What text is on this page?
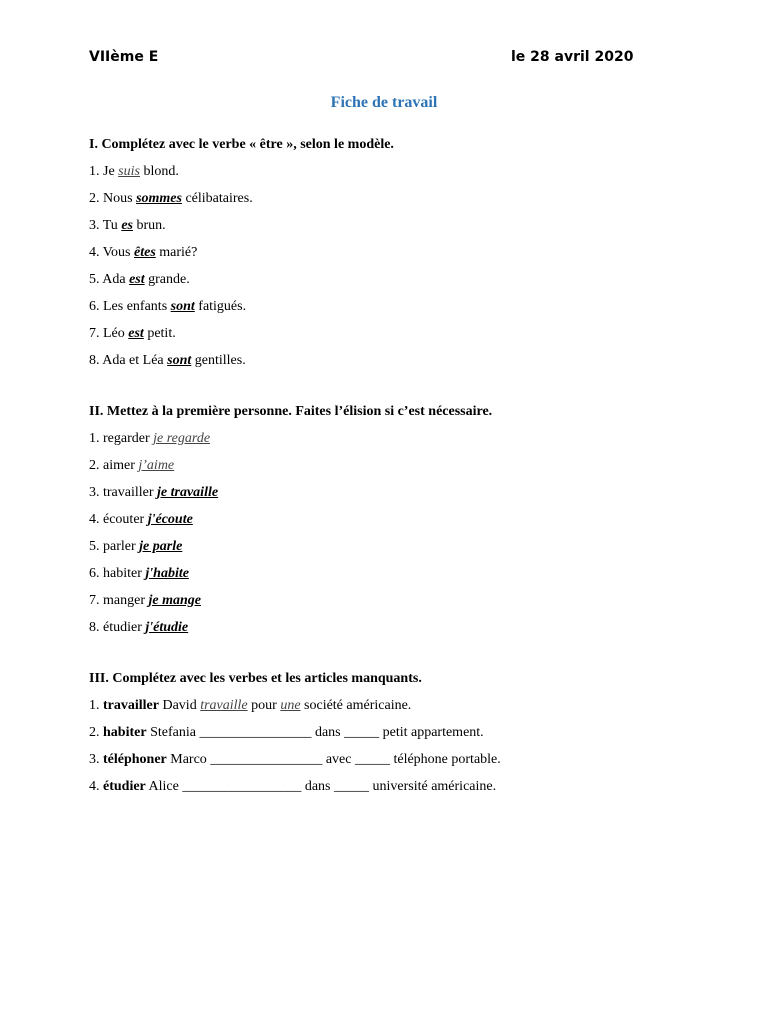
VIIème E	le 28 avril 2020
Fiche de travail
I. Complétez avec le verbe « être », selon le modèle.
1. Je suis blond.
2. Nous sommes célibataires.
3. Tu es brun.
4. Vous êtes marié?
5. Ada est grande.
6. Les enfants sont fatigués.
7. Léo est petit.
8. Ada et Léa sont gentilles.
II. Mettez à la première personne. Faites l’élision si c’est nécessaire.
1. regarder je regarde
2. aimer j’aime
3. travailler je travaille
4. écouter j'écoute
5. parler je parle
6. habiter j'habite
7. manger je mange
8. étudier j'étudie
III. Complétez avec les verbes et les articles manquants.
1. travailler David travaille pour une société américaine.
2. habiter Stefania ________________ dans _____ petit appartement.
3. téléphoner Marco ________________ avec _____ téléphone portable.
4. étudier Alice _________________ dans _____ université américaine.
